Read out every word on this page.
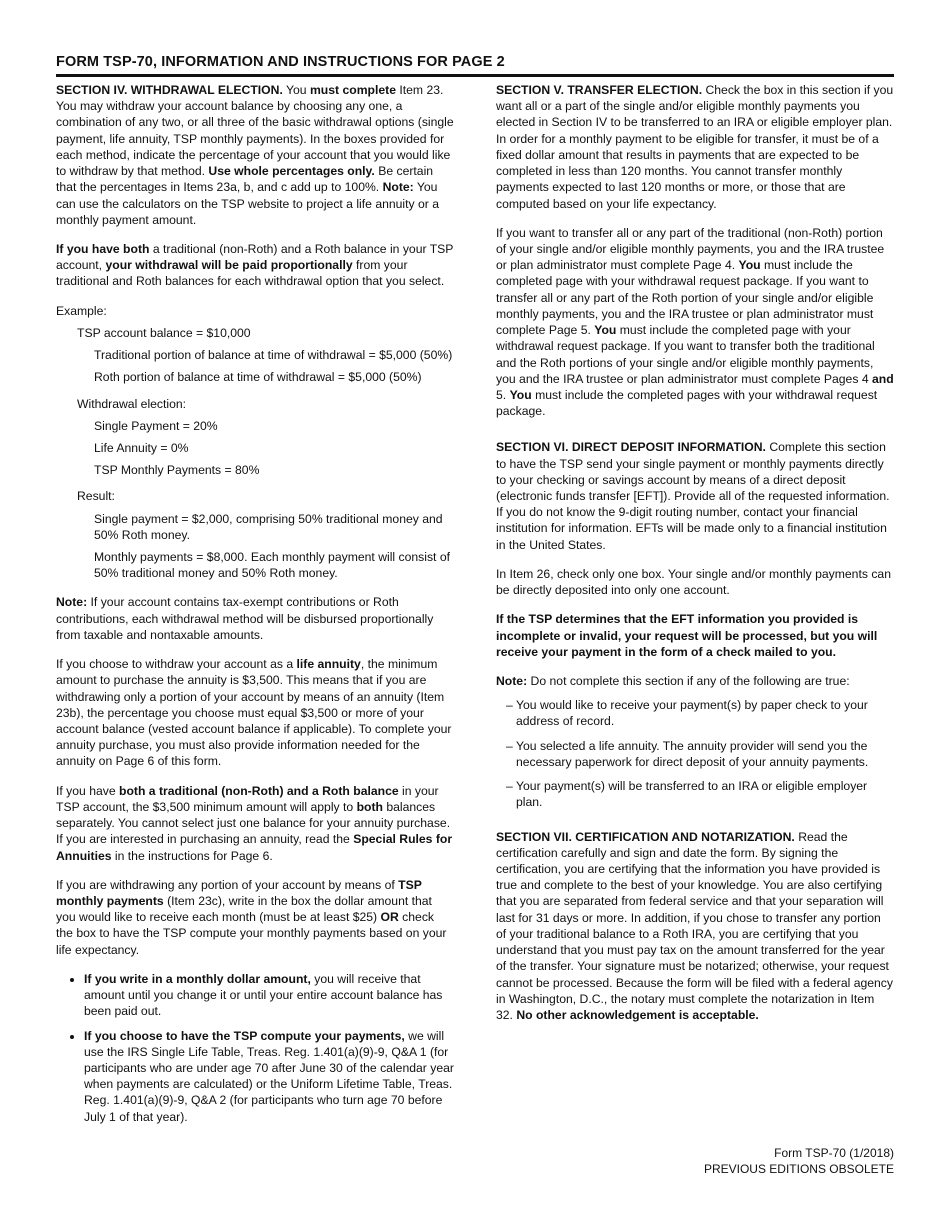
FORM TSP-70, INFORMATION AND INSTRUCTIONS FOR PAGE 2

SECTION IV. WITHDRAWAL ELECTION. You must complete Item 23. You may withdraw your account balance by choosing any one, a combination of any two, or all three of the basic withdrawal options (single payment, life annuity, TSP monthly payments). In the boxes provided for each method, indicate the percentage of your account that you would like to withdraw by that method. Use whole percentages only. Be certain that the percentages in Items 23a, b, and c add up to 100%. Note: You can use the calculators on the TSP website to project a life annuity or a monthly payment amount.

If you have both a traditional (non-Roth) and a Roth balance in your TSP account, your withdrawal will be paid proportionally from your traditional and Roth balances for each withdrawal option that you select.

Example:

TSP account balance = $10,000

Traditional portion of balance at time of withdrawal = $5,000 (50%)

Roth portion of balance at time of withdrawal = $5,000 (50%)

Withdrawal election:

Single Payment = 20%

Life Annuity = 0%

TSP Monthly Payments = 80%

Result:

Single payment = $2,000, comprising 50% traditional money and 50% Roth money.

Monthly payments = $8,000. Each monthly payment will consist of 50% traditional money and 50% Roth money.

Note: If your account contains tax-exempt contributions or Roth contributions, each withdrawal method will be disbursed proportionally from taxable and nontaxable amounts.

If you choose to withdraw your account as a life annuity, the minimum amount to purchase the annuity is $3,500. This means that if you are withdrawing only a portion of your account by means of an annuity (Item 23b), the percentage you choose must equal $3,500 or more of your account balance (vested account balance if applicable). To complete your annuity purchase, you must also provide information needed for the annuity on Page 6 of this form.

If you have both a traditional (non-Roth) and a Roth balance in your TSP account, the $3,500 minimum amount will apply to both balances separately. You cannot select just one balance for your annuity purchase. If you are interested in purchasing an annuity, read the Special Rules for Annuities in the instructions for Page 6.

If you are withdrawing any portion of your account by means of TSP monthly payments (Item 23c), write in the box the dollar amount that you would like to receive each month (must be at least $25) OR check the box to have the TSP compute your monthly payments based on your life expectancy.

• If you write in a monthly dollar amount, you will receive that amount until you change it or until your entire account balance has been paid out.
• If you choose to have the TSP compute your payments, we will use the IRS Single Life Table, Treas. Reg. 1.401(a)(9)-9, Q&A 1 (for participants who are under age 70 after June 30 of the calendar year when payments are calculated) or the Uniform Lifetime Table, Treas. Reg. 1.401(a)(9)-9, Q&A 2 (for participants who turn age 70 before July 1 of that year).

SECTION V. TRANSFER ELECTION. Check the box in this section if you want all or a part of the single and/or eligible monthly payments you elected in Section IV to be transferred to an IRA or eligible employer plan. In order for a monthly payment to be eligible for transfer, it must be of a fixed dollar amount that results in payments that are expected to be completed in less than 120 months. You cannot transfer monthly payments expected to last 120 months or more, or those that are computed based on your life expectancy.

If you want to transfer all or any part of the traditional (non-Roth) portion of your single and/or eligible monthly payments, you and the IRA trustee or plan administrator must complete Page 4. You must include the completed page with your withdrawal request package. If you want to transfer all or any part of the Roth portion of your single and/or eligible monthly payments, you and the IRA trustee or plan administrator must complete Page 5. You must include the completed page with your withdrawal request package. If you want to transfer both the traditional and the Roth portions of your single and/or eligible monthly payments, you and the IRA trustee or plan administrator must complete Pages 4 and 5. You must include the completed pages with your withdrawal request package.

SECTION VI. DIRECT DEPOSIT INFORMATION. Complete this section to have the TSP send your single payment or monthly payments directly to your checking or savings account by means of a direct deposit (electronic funds transfer [EFT]). Provide all of the requested information. If you do not know the 9-digit routing number, contact your financial institution for information. EFTs will be made only to a financial institution in the United States.

In Item 26, check only one box. Your single and/or monthly payments can be directly deposited into only one account.

If the TSP determines that the EFT information you provided is incomplete or invalid, your request will be processed, but you will receive your payment in the form of a check mailed to you.

Note: Do not complete this section if any of the following are true:

– You would like to receive your payment(s) by paper check to your address of record.
– You selected a life annuity. The annuity provider will send you the necessary paperwork for direct deposit of your annuity payments.
– Your payment(s) will be transferred to an IRA or eligible employer plan.

SECTION VII. CERTIFICATION AND NOTARIZATION. Read the certification carefully and sign and date the form. By signing the certification, you are certifying that the information you have provided is true and complete to the best of your knowledge. You are also certifying that you are separated from federal service and that your separation will last for 31 days or more. In addition, if you chose to transfer any portion of your traditional balance to a Roth IRA, you are certifying that you understand that you must pay tax on the amount transferred for the year of the transfer. Your signature must be notarized; otherwise, your request cannot be processed. Because the form will be filed with a federal agency in Washington, D.C., the notary must complete the notarization in Item 32. No other acknowledgement is acceptable.

Form TSP-70 (1/2018)
PREVIOUS EDITIONS OBSOLETE
